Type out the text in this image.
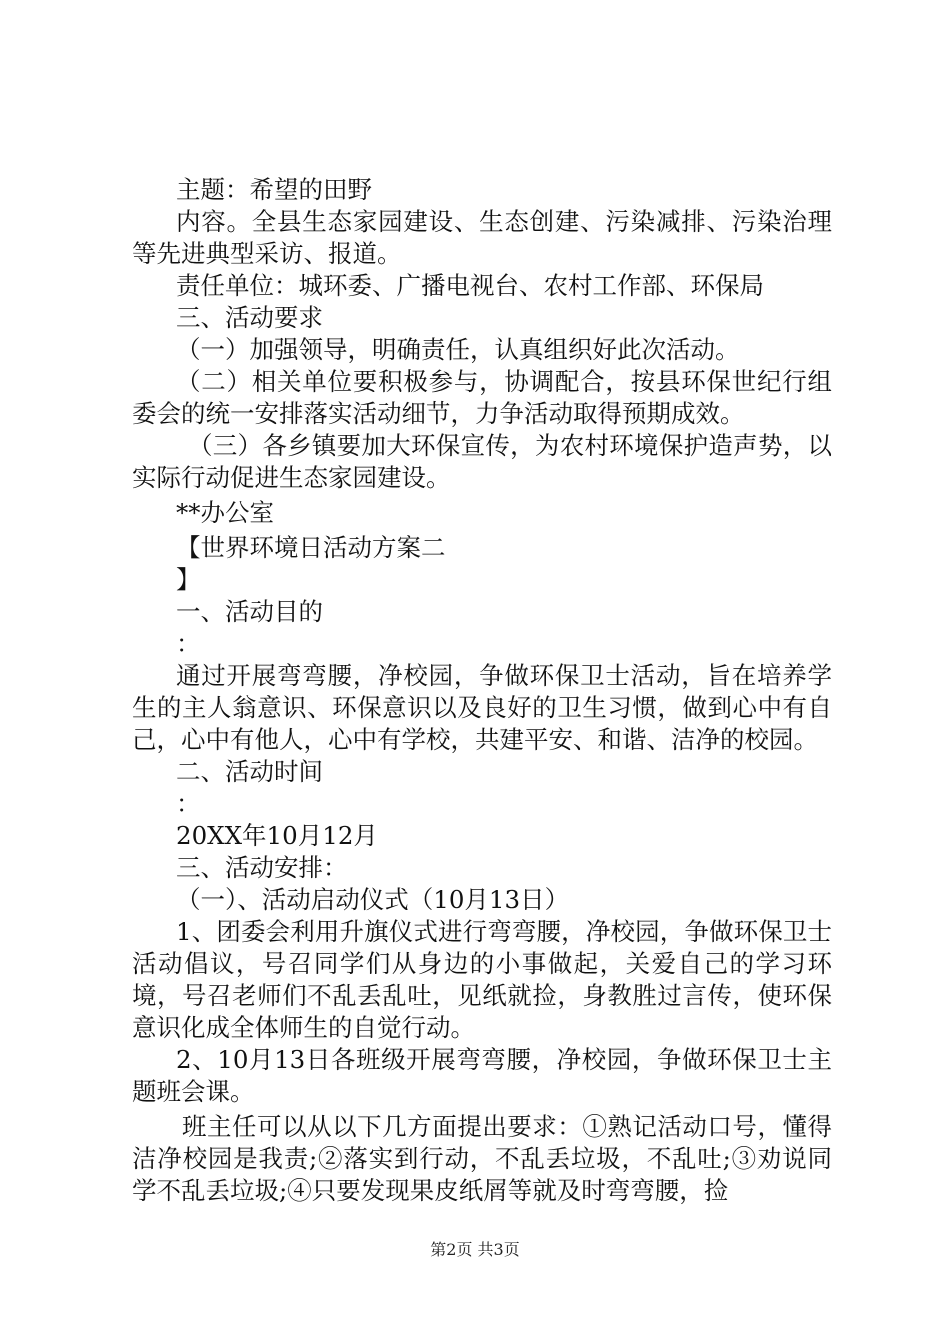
主题：希望的田野

内容。全县生态家园建设、生态创建、污染减排、污染治理等先进典型采访、报道。

责任单位：城环委、广播电视台、农村工作部、环保局

三、活动要求

（一）加强领导，明确责任，认真组织好此次活动。

（二）相关单位要积极参与，协调配合，按县环保世纪行组委会的统一安排落实活动细节，力争活动取得预期成效。

（三）各乡镇要加大环保宣传，为农村环境保护造声势，以实际行动促进生态家园建设。

**办公室

【世界环境日活动方案二

】

一、活动目的

：

通过开展弯弯腰，净校园，争做环保卫士活动，旨在培养学生的主人翁意识、环保意识以及良好的卫生习惯，做到心中有自己，心中有他人，心中有学校，共建平安、和谐、洁净的校园。

二、活动时间

：

20XX年10月12月

三、活动安排：

（一）、活动启动仪式（10月13日）

1、团委会利用升旗仪式进行弯弯腰，净校园，争做环保卫士活动倡议，号召同学们从身边的小事做起，关爱自己的学习环境，号召老师们不乱丢乱吐，见纸就捡，身教胜过言传，使环保意识化成全体师生的自觉行动。

2、10月13日各班级开展弯弯腰，净校园，争做环保卫士主题班会课。

班主任可以从以下几方面提出要求：①熟记活动口号，懂得洁净校园是我责;②落实到行动，不乱丢垃圾，不乱吐;③劝说同学不乱丢垃圾;④只要发现果皮纸屑等就及时弯弯腰，捡

第2页 共3页
